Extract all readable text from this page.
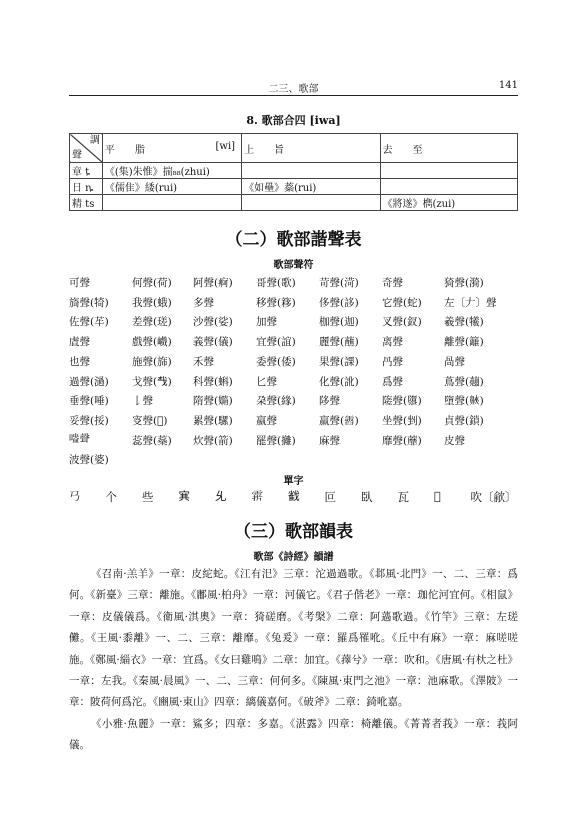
二三、歌部	141
8. 歌部合四 [iwa]
調
聲	平　　脂 [wi]	上　　旨	去　　至
章 ȶ	《(集)朱惟》揣₈₈(zhui)		
日 ȵ	《儒隹》緌(rui)	《如壘》蘂(rui)	
精 ts			《將遂》檇(zui)
（二）歌部諧聲表
歌部聲符
可聲	何聲(荷) 阿聲(痾) 哥聲(歌) 苛聲(渮) 奇聲	猗聲(漪)
旖聲(犄) 我聲(蛾) 多聲	移聲(簃) 侈聲(誃) 它聲(蛇) 左〔𠂇〕聲
佐聲(䒜) 差聲(瑳) 沙聲(娑) 加聲	枷聲(迦) 叉聲(釵) 羲聲(犧)
虘聲	戲聲(巇) 義聲(儀) 宜聲(誼) 麗聲(蘸) 离聲	離聲(籬)
也聲	施聲(旆) 禾聲	委聲(倭) 果聲(課) 冎聲	咼聲
過聲(濄) 戈聲(𢦔) 科聲(蝌) 匕聲	化聲(訛) 爲聲	蔦聲(𧄍)
垂聲(唾) 𠄌聲	隋聲(嫷) 朶聲(緣) 陊聲	隓聲(隳) 墮聲(𪖨)
妥聲(挼) 叜聲(𣭂) 累聲(騾) 嬴聲	羸聲(𦥽) 坐聲(剉) 貞聲(鎖)
𠹃聲	蕊聲(蘂) 炊聲(箭) 罷聲(攡) 麻聲	靡聲(蘼) 皮聲
波聲(婆)
單字
𢎘 个 些 𡨄 𠃔 𩃑 𢧵 叵 臥 瓦 𩄬	吹〔歈〕
（三）歌部韻表
歌部《詩經》韻譜

《召南·羔羊》一章：皮紽蛇。《江有汜》三章：沱過過歌。《邶風·北門》一、二、三章：爲何。《新臺》三章：離施。《鄘風·柏舟》一章：河儀它。《君子偕老》一章：珈佗河宜何。《相鼠》一章：皮儀儀爲。《衛風·淇奧》一章：猗磋磨。《考槃》二章：阿薖歌過。《竹竿》三章：左瑳儺。《王風·黍離》一、二、三章：離靡。《兔爰》一章：羅爲罹吪。《丘中有麻》一章：麻嗟嗟施。《鄭風·緇衣》一章：宜爲。《女曰雞鳴》二章：加宜。《蘀兮》一章：吹和。《唐風·有杕之杜》一章：左我。《秦風·晨風》一、二、三章：何何多。《陳風·東門之池》一章：池麻歌。《澤陂》一章：陂荷何爲沱。《豳風·東山》四章：縭儀嘉何。《破斧》二章：錡吪嘉。

《小雅·魚麗》一章：鯊多；四章：多嘉。《湛露》四章：椅離儀。《菁菁者莪》一章：莪阿儀。
